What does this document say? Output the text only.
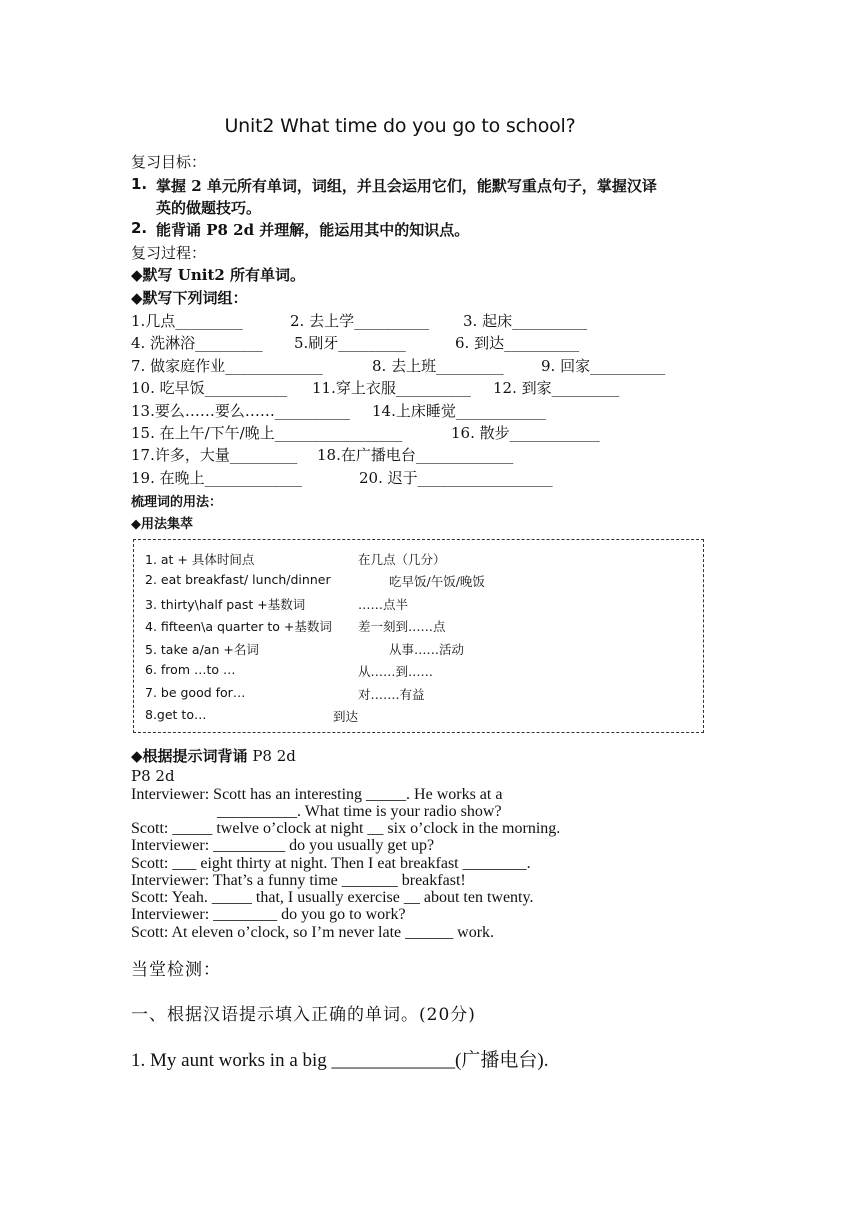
Unit2 What time do you go to school?
复习目标：
1. 掌握 2 单元所有单词，词组，并且会运用它们，能默写重点句子，掌握汉译
英的做题技巧。
2. 能背诵 P8 2d 并理解，能运用其中的知识点。
复习过程：
◆默写 Unit2 所有单词。
◆默写下列词组：
1.几点_________	2. 去上学__________ 3. 起床__________
4. 洗淋浴_________ 5.刷牙_________	6. 到达__________
7. 做家庭作业_____________	8. 去上班_________ 9. 回家__________
10. 吃早饭___________ 11.穿上衣服__________ 12. 到家_________
13.要么……要么……__________ 14.上床睡觉____________
15. 在上午/下午/晚上_________________	16. 散步____________
17.许多，大量_________ 18.在广播电台_____________
19. 在晚上_____________	20. 迟于__________________
梳理词的用法：
◆用法集萃
1. at + 具体时间点	在几点（几分）
2. eat breakfast/ lunch/dinner	吃早饭/午饭/晚饭
3. thirty\half past +基数词	……点半
4. fifteen\a quarter to +基数词 差一刻到……点
5. take a/an +名词	从事……活动
6. from …to …	从……到……
7. be good for…	对…….有益
8.get to…	到达
◆根据提示词背诵 P8 2d
P8 2d
Interviewer: Scott has an interesting _____. He works at a
__________. What time is your radio show?
Scott: _____ twelve o’clock at night __ six o’clock in the morning.
Interviewer: _________ do you usually get up?
Scott: ___ eight thirty at night. Then I eat breakfast ________.
Interviewer: That’s a funny time _______ breakfast!
Scott: Yeah. _____ that, I usually exercise __ about ten twenty.
Interviewer: ________ do you go to work?
Scott: At eleven o’clock, so I’m never late ______ work.
当堂检测：
一、根据汉语提示填入正确的单词。(20分)
1. My aunt works in a big _____________(广播电台).
